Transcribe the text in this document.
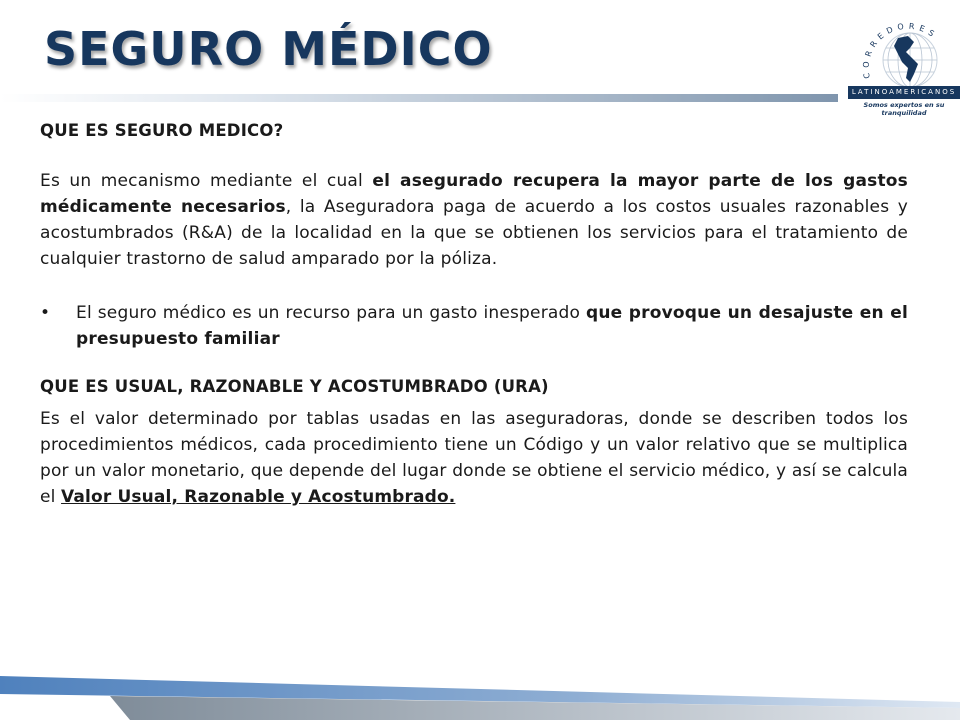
SEGURO MÉDICO	C O R R E D O R E S
LATINOAMERICANOS
Somos expertos en su tranquilidad

QUE ES SEGURO MEDICO?

Es un mecanismo mediante el cual el asegurado recupera la mayor parte de los gastos médicamente necesarios, la Aseguradora paga de acuerdo a los costos usuales razonables y acostumbrados (R&A) de la localidad en la que se obtienen los servicios para el tratamiento de cualquier trastorno de salud amparado por la póliza.

•	El seguro médico es un recurso para un gasto inesperado que provoque un desajuste en el presupuesto familiar

QUE ES USUAL, RAZONABLE Y ACOSTUMBRADO (URA)

Es el valor determinado por tablas usadas en las aseguradoras, donde se describen todos los procedimientos médicos, cada procedimiento tiene un Código y un valor relativo que se multiplica por un valor monetario, que depende del lugar donde se obtiene el servicio médico, y así se calcula el Valor Usual, Razonable y Acostumbrado.
